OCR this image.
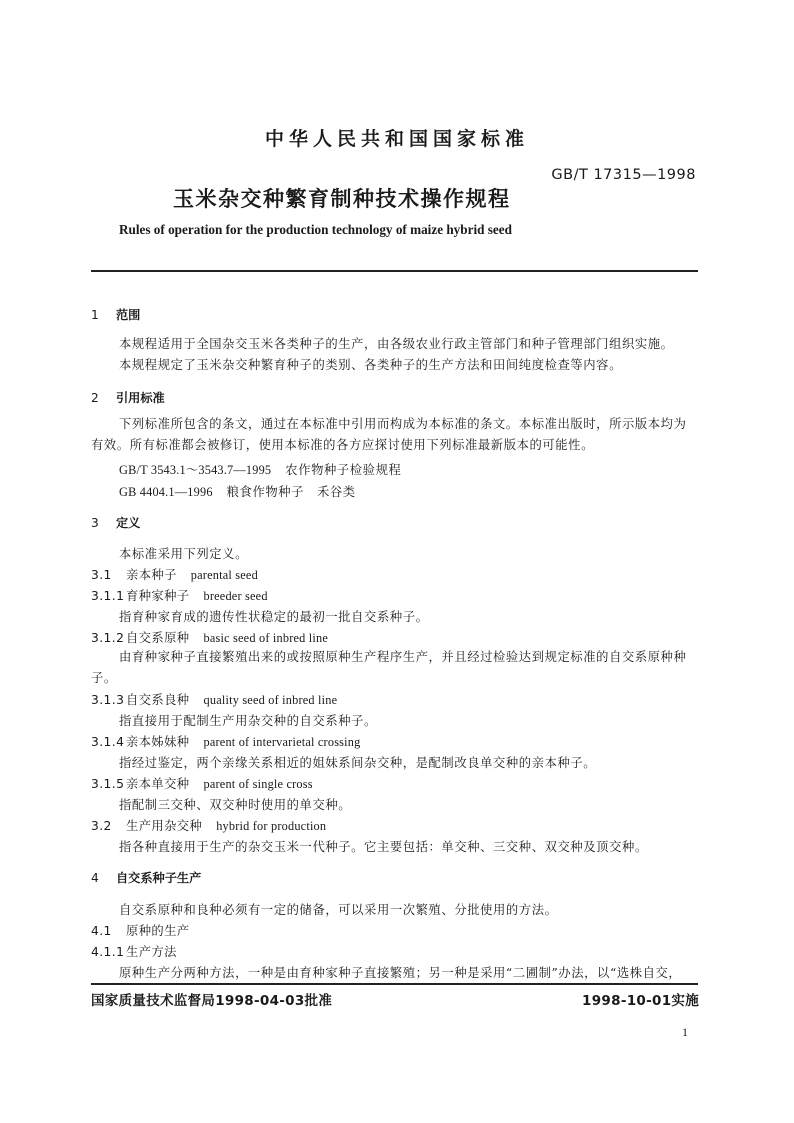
中华人民共和国国家标准
GB/T 17315—1998
玉米杂交种繁育制种技术操作规程
Rules of operation for the production technology of maize hybrid seed
1 范围
本规程适用于全国杂交玉米各类种子的生产，由各级农业行政主管部门和种子管理部门组织实施。
本规程规定了玉米杂交种繁育种子的类别、各类种子的生产方法和田间纯度检查等内容。
2 引用标准
下列标准所包含的条文，通过在本标准中引用而构成为本标准的条文。本标准出版时，所示版本均为有效。所有标准都会被修订，使用本标准的各方应探讨使用下列标准最新版本的可能性。
GB/T 3543.1～3543.7—1995 农作物种子检验规程
GB 4404.1—1996 粮食作物种子　禾谷类
3 定义
本标准采用下列定义。
3.1 亲本种子 parental seed
3.1.1 育种家种子 breeder seed
指育种家育成的遗传性状稳定的最初一批自交系种子。
3.1.2 自交系原种 basic seed of inbred line
由育种家种子直接繁殖出来的或按照原种生产程序生产，并且经过检验达到规定标准的自交系原种种子。
3.1.3 自交系良种 quality seed of inbred line
指直接用于配制生产用杂交种的自交系种子。
3.1.4 亲本姊妹种 parent of intervarietal crossing
指经过鉴定，两个亲缘关系相近的姐妹系间杂交种，是配制改良单交种的亲本种子。
3.1.5 亲本单交种 parent of single cross
指配制三交种、双交种时使用的单交种。
3.2 生产用杂交种 hybrid for production
指各种直接用于生产的杂交玉米一代种子。它主要包括：单交种、三交种、双交种及顶交种。
4 自交系种子生产
自交系原种和良种必须有一定的储备，可以采用一次繁殖、分批使用的方法。
4.1 原种的生产
4.1.1 生产方法
原种生产分两种方法，一种是由育种家种子直接繁殖；另一种是采用“二圃制”办法，以“选株自交，
国家质量技术监督局1998-04-03批准	1998-10-01实施
1
